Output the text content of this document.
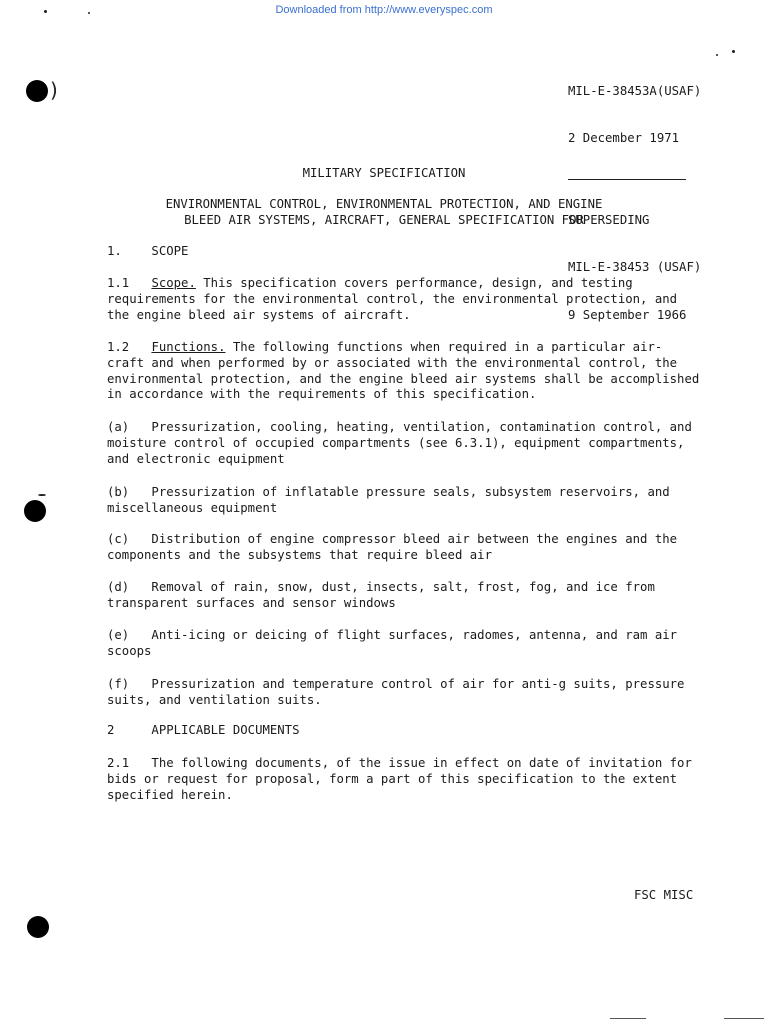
Downloaded from http://www.everyspec.com
)

	MIL-E-38453A(USAF)

2 December 1971

SUPERSEDING

MIL-E-38453 (USAF)

9 September 1966

MILITARY SPECIFICATION
ENVIRONMENTAL CONTROL, ENVIRONMENTAL PROTECTION, AND ENGINE
BLEED AIR SYSTEMS, AIRCRAFT, GENERAL SPECIFICATION FOR
1.    SCOPE
1.1 Scope. This specification covers performance, design, and testing
requirements for the environmental control, the environmental protection, and
the engine bleed air systems of aircraft.
1.2 Functions. The following functions when required in a particular air-
craft and when performed by or associated with the environmental control, the
environmental protection, and the engine bleed air systems shall be accomplished
in accordance with the requirements of this specification.
(a)   Pressurization, cooling, heating, ventilation, contamination control, and
moisture control of occupied compartments (see 6.3.1), equipment compartments,
and electronic equipment
(b)   Pressurization of inflatable pressure seals, subsystem reservoirs, and
miscellaneous equipment
(c)   Distribution of engine compressor bleed air between the engines and the
components and the subsystems that require bleed air
(d)   Removal of rain, snow, dust, insects, salt, frost, fog, and ice from
transparent surfaces and sensor windows
(e)   Anti-icing or deicing of flight surfaces, radomes, antenna, and ram air
scoops
(f)   Pressurization and temperature control of air for anti-g suits, pressure
suits, and ventilation suits.
2     APPLICABLE DOCUMENTS
2.1   The following documents, of the issue in effect on date of invitation for
bids or request for proposal, form a part of this specification to the extent
specified herein.
FSC MISC
